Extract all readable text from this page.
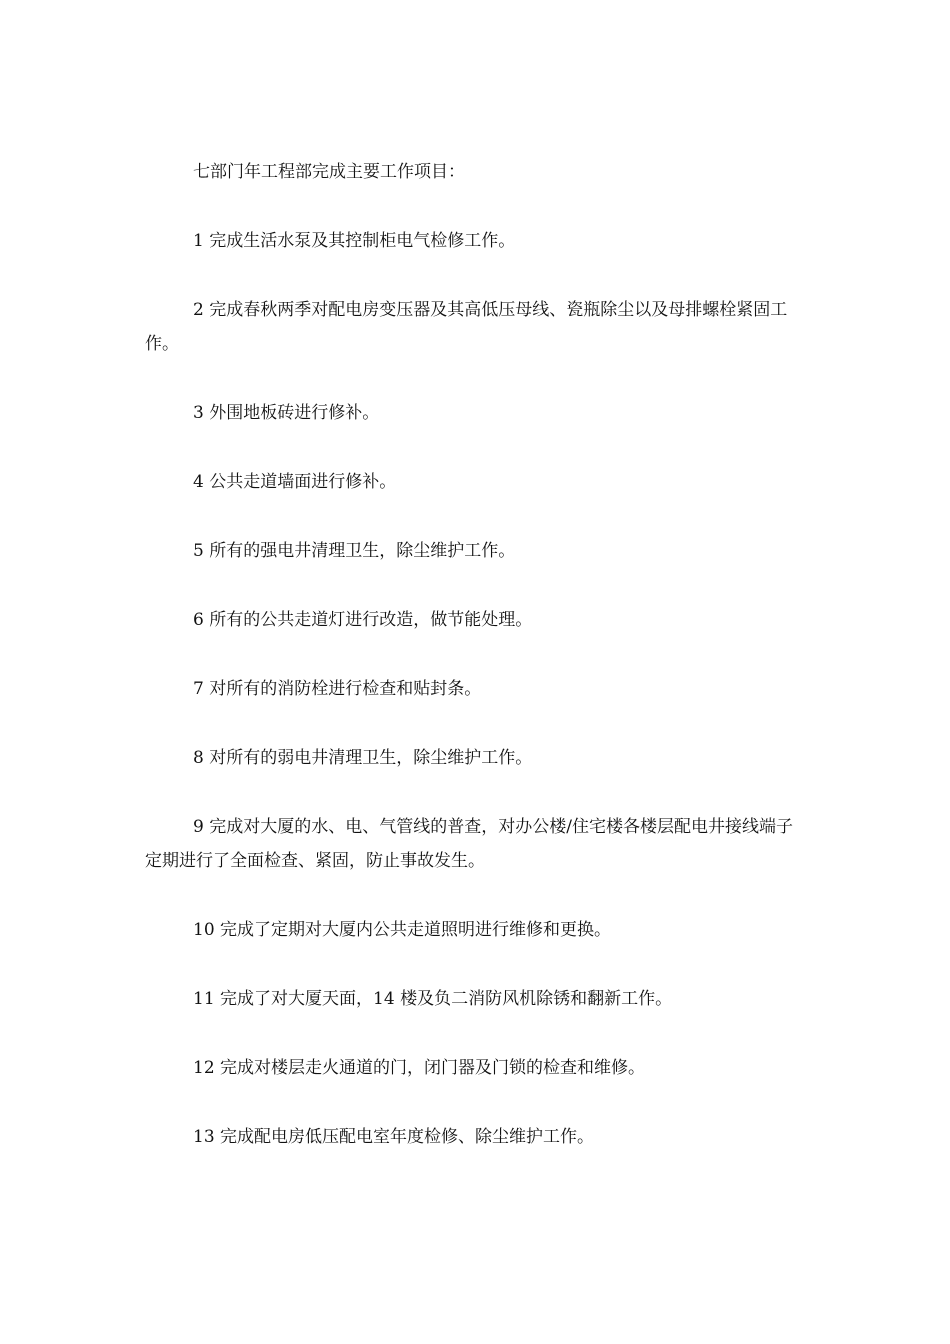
七部门年工程部完成主要工作项目：

1 完成生活水泵及其控制柜电气检修工作。

2 完成春秋两季对配电房变压器及其高低压母线、瓷瓶除尘以及母排螺栓紧固工作。

3 外围地板砖进行修补。

4 公共走道墙面进行修补。

5 所有的强电井清理卫生，除尘维护工作。

6 所有的公共走道灯进行改造，做节能处理。

7 对所有的消防栓进行检查和贴封条。

8 对所有的弱电井清理卫生，除尘维护工作。

9 完成对大厦的水、电、气管线的普查，对办公楼/住宅楼各楼层配电井接线端子定期进行了全面检查、紧固，防止事故发生。

10 完成了定期对大厦内公共走道照明进行维修和更换。

11 完成了对大厦天面，14 楼及负二消防风机除锈和翻新工作。

12 完成对楼层走火通道的门，闭门器及门锁的检查和维修。

13 完成配电房低压配电室年度检修、除尘维护工作。
